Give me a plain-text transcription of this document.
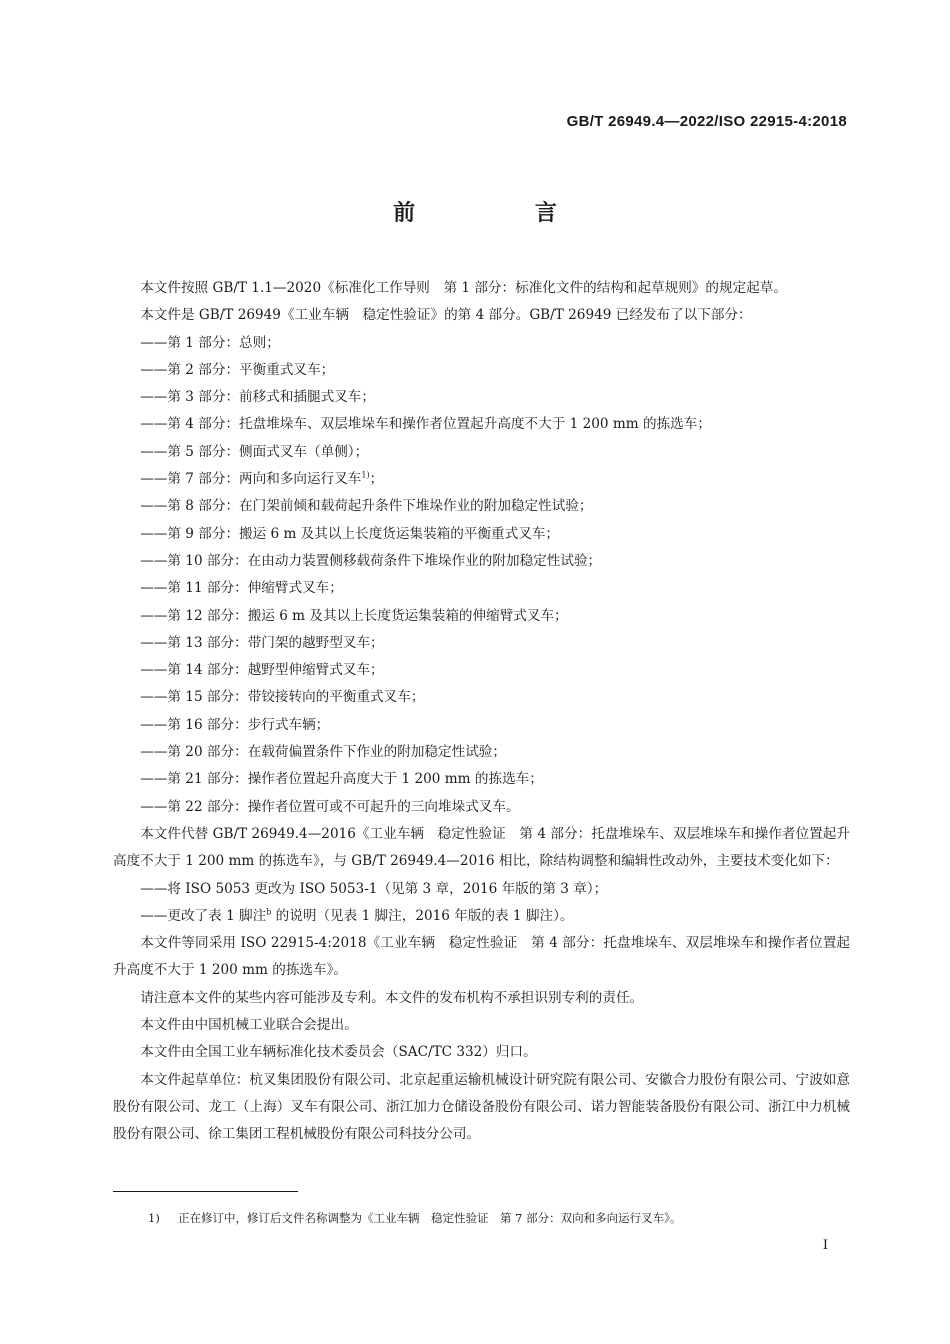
GB/T 26949.4—2022/ISO 22915-4:2018
前 言

本文件按照 GB/T 1.1—2020《标准化工作导则　第 1 部分：标准化文件的结构和起草规则》的规定起草。

本文件是 GB/T 26949《工业车辆　稳定性验证》的第 4 部分。GB/T 26949 已经发布了以下部分：

——第 1 部分：总则；

——第 2 部分：平衡重式叉车；

——第 3 部分：前移式和插腿式叉车；

——第 4 部分：托盘堆垛车、双层堆垛车和操作者位置起升高度不大于 1 200 mm 的拣选车；

——第 5 部分：侧面式叉车（单侧）；

——第 7 部分：两向和多向运行叉车$^{1)}$；

——第 8 部分：在门架前倾和载荷起升条件下堆垛作业的附加稳定性试验；

——第 9 部分：搬运 6 m 及其以上长度货运集装箱的平衡重式叉车；

——第 10 部分：在由动力装置侧移载荷条件下堆垛作业的附加稳定性试验；

——第 11 部分：伸缩臂式叉车；

——第 12 部分：搬运 6 m 及其以上长度货运集装箱的伸缩臂式叉车；

——第 13 部分：带门架的越野型叉车；

——第 14 部分：越野型伸缩臂式叉车；

——第 15 部分：带铰接转向的平衡重式叉车；

——第 16 部分：步行式车辆；

——第 20 部分：在载荷偏置条件下作业的附加稳定性试验；

——第 21 部分：操作者位置起升高度大于 1 200 mm 的拣选车；

——第 22 部分：操作者位置可或不可起升的三向堆垛式叉车。

本文件代替 GB/T 26949.4—2016《工业车辆　稳定性验证　第 4 部分：托盘堆垛车、双层堆垛车和操作者位置起升高度不大于 1 200 mm 的拣选车》，与 GB/T 26949.4—2016 相比，除结构调整和编辑性改动外，主要技术变化如下：

——将 ISO 5053 更改为 ISO 5053-1（见第 3 章，2016 年版的第 3 章）；

——更改了表 1 脚注$^b$ 的说明（见表 1 脚注，2016 年版的表 1 脚注）。

本文件等同采用 ISO 22915-4:2018《工业车辆　稳定性验证　第 4 部分：托盘堆垛车、双层堆垛车和操作者位置起升高度不大于 1 200 mm 的拣选车》。

请注意本文件的某些内容可能涉及专利。本文件的发布机构不承担识别专利的责任。

本文件由中国机械工业联合会提出。

本文件由全国工业车辆标准化技术委员会（SAC/TC 332）归口。

本文件起草单位：杭叉集团股份有限公司、北京起重运输机械设计研究院有限公司、安徽合力股份有限公司、宁波如意股份有限公司、龙工（上海）叉车有限公司、浙江加力仓储设备股份有限公司、诺力智能装备股份有限公司、浙江中力机械股份有限公司、徐工集团工程机械股份有限公司科技分公司。

1) 正在修订中，修订后文件名称调整为《工业车辆　稳定性验证　第 7 部分：双向和多向运行叉车》。
I
